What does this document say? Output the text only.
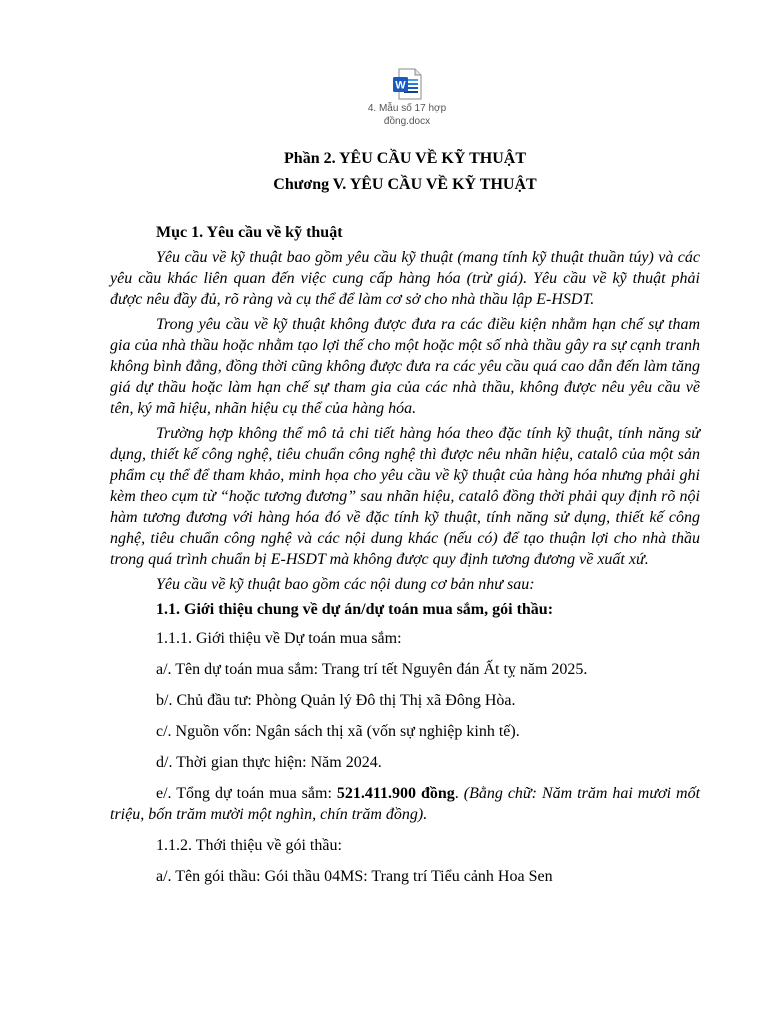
W
4. Mẫu số 17 hợp
đồng.docx

Phần 2. YÊU CẦU VỀ KỸ THUẬT

Chương V. YÊU CẦU VỀ KỸ THUẬT

Mục 1. Yêu cầu về kỹ thuật

Yêu cầu về kỹ thuật bao gồm yêu cầu kỹ thuật (mang tính kỹ thuật thuần túy) và các yêu cầu khác liên quan đến việc cung cấp hàng hóa (trừ giá). Yêu cầu về kỹ thuật phải được nêu đầy đủ, rõ ràng và cụ thể để làm cơ sở cho nhà thầu lập E-HSDT.

Trong yêu cầu về kỹ thuật không được đưa ra các điều kiện nhằm hạn chế sự tham gia của nhà thầu hoặc nhằm tạo lợi thế cho một hoặc một số nhà thầu gây ra sự cạnh tranh không bình đẳng, đồng thời cũng không được đưa ra các yêu cầu quá cao dẫn đến làm tăng giá dự thầu hoặc làm hạn chế sự tham gia của các nhà thầu, không được nêu yêu cầu về tên, ký mã hiệu, nhãn hiệu cụ thể của hàng hóa.

Trường hợp không thể mô tả chi tiết hàng hóa theo đặc tính kỹ thuật, tính năng sử dụng, thiết kế công nghệ, tiêu chuẩn công nghệ thì được nêu nhãn hiệu, catalô của một sản phẩm cụ thể để tham khảo, minh họa cho yêu cầu về kỹ thuật của hàng hóa nhưng phải ghi kèm theo cụm từ “hoặc tương đương” sau nhãn hiệu, catalô đồng thời phải quy định rõ nội hàm tương đương với hàng hóa đó về đặc tính kỹ thuật, tính năng sử dụng, thiết kế công nghệ, tiêu chuẩn công nghệ và các nội dung khác (nếu có) để tạo thuận lợi cho nhà thầu trong quá trình chuẩn bị E-HSDT mà không được quy định tương đương về xuất xứ.

Yêu cầu về kỹ thuật bao gồm các nội dung cơ bản như sau:

1.1. Giới thiệu chung về dự án/dự toán mua sắm, gói thầu:

1.1.1. Giới thiệu về Dự toán mua sắm:

a/. Tên dự toán mua sắm: Trang trí tết Nguyên đán Ất tỵ năm 2025.

b/. Chủ đầu tư: Phòng Quản lý Đô thị Thị xã Đông Hòa.

c/. Nguồn vốn: Ngân sách thị xã (vốn sự nghiệp kinh tế).

d/. Thời gian thực hiện: Năm 2024.

e/. Tổng dự toán mua sắm: 521.411.900 đồng. (Bằng chữ: Năm trăm hai mươi mốt triệu, bốn trăm mười một nghìn, chín trăm đồng).

1.1.2. Thới thiệu về gói thầu:

a/. Tên gói thầu: Gói thầu 04MS: Trang trí Tiểu cảnh Hoa Sen
